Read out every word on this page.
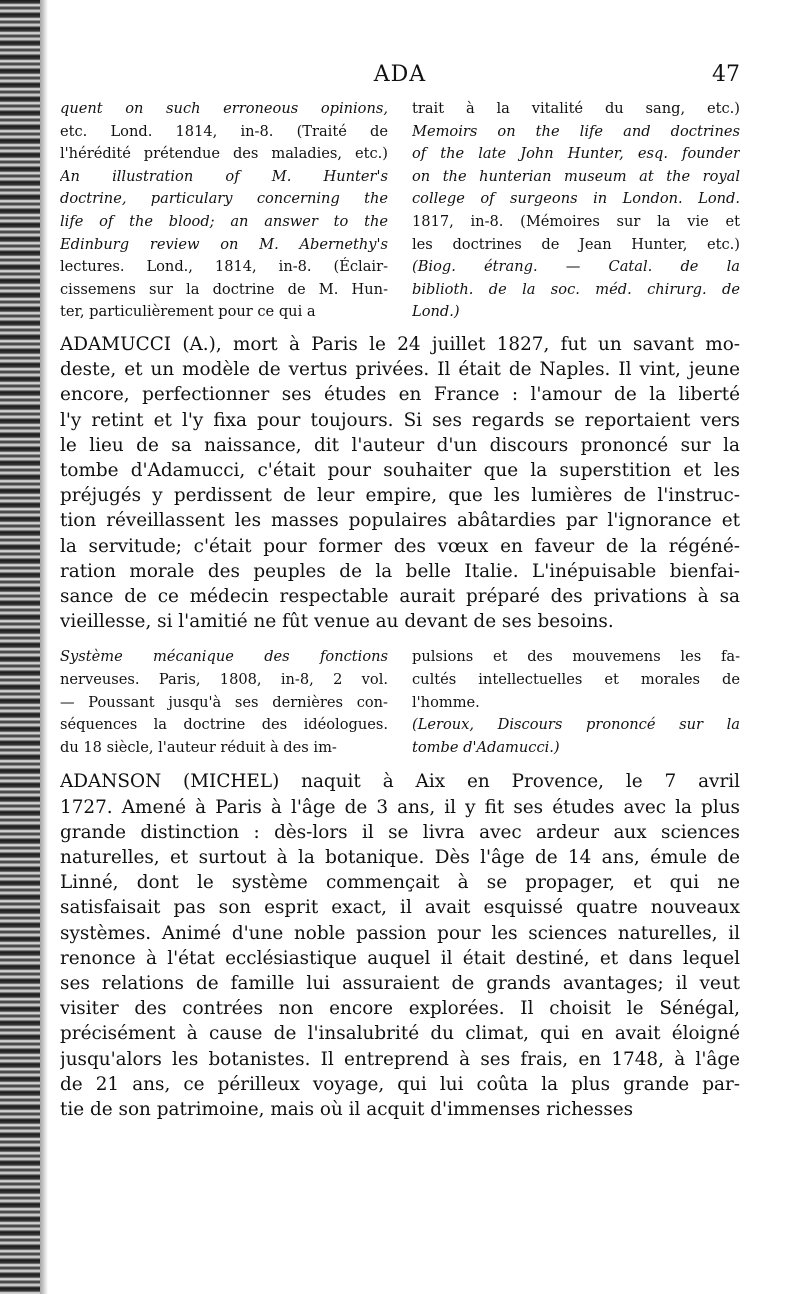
ADA	47
quent on such erroneous opinions,
etc. Lond. 1814, in-8. (Traité de
l'hérédité prétendue des maladies, etc.)
An illustration of M. Hunter's
doctrine, particulary concerning the
life of the blood; an answer to the
Edinburg review on M. Abernethy's
lectures. Lond., 1814, in-8. (Éclair-
cissemens sur la doctrine de M. Hun-
ter, particulièrement pour ce qui a
trait à la vitalité du sang, etc.)
Memoirs on the life and doctrines
of the late John Hunter, esq. founder
on the hunterian museum at the royal
college of surgeons in London. Lond.
1817, in-8. (Mémoires sur la vie et
les doctrines de Jean Hunter, etc.)
(Biog. étrang. — Catal. de la
biblioth. de la soc. méd. chirurg. de
Lond.)
ADAMUCCI (A.), mort à Paris le 24 juillet 1827, fut un savant mo-
deste, et un modèle de vertus privées. Il était de Naples. Il vint, jeune
encore, perfectionner ses études en France : l'amour de la liberté
l'y retint et l'y fixa pour toujours. Si ses regards se reportaient vers
le lieu de sa naissance, dit l'auteur d'un discours prononcé sur la
tombe d'Adamucci, c'était pour souhaiter que la superstition et les
préjugés y perdissent de leur empire, que les lumières de l'instruc-
tion réveillassent les masses populaires abâtardies par l'ignorance et
la servitude; c'était pour former des vœux en faveur de la régéné-
ration morale des peuples de la belle Italie. L'inépuisable bienfai-
sance de ce médecin respectable aurait préparé des privations à sa
vieillesse, si l'amitié ne fût venue au devant de ses besoins.
Système mécanique des fonctions
nerveuses. Paris, 1808, in-8, 2 vol.
— Poussant jusqu'à ses dernières con-
séquences la doctrine des idéologues.
du 18 siècle, l'auteur réduit à des im-
pulsions et des mouvemens les fa-
cultés intellectuelles et morales de
l'homme.
(Leroux, Discours prononcé sur la
tombe d'Adamucci.)
ADANSON (MICHEL) naquit à Aix en Provence, le 7 avril
1727. Amené à Paris à l'âge de 3 ans, il y fit ses études avec la plus
grande distinction : dès-lors il se livra avec ardeur aux sciences
naturelles, et surtout à la botanique. Dès l'âge de 14 ans, émule de
Linné, dont le système commençait à se propager, et qui ne
satisfaisait pas son esprit exact, il avait esquissé quatre nouveaux
systèmes. Animé d'une noble passion pour les sciences naturelles, il
renonce à l'état ecclésiastique auquel il était destiné, et dans lequel
ses relations de famille lui assuraient de grands avantages; il veut
visiter des contrées non encore explorées. Il choisit le Sénégal,
précisément à cause de l'insalubrité du climat, qui en avait éloigné
jusqu'alors les botanistes. Il entreprend à ses frais, en 1748, à l'âge
de 21 ans, ce périlleux voyage, qui lui coûta la plus grande par-
tie de son patrimoine, mais où il acquit d'immenses richesses
